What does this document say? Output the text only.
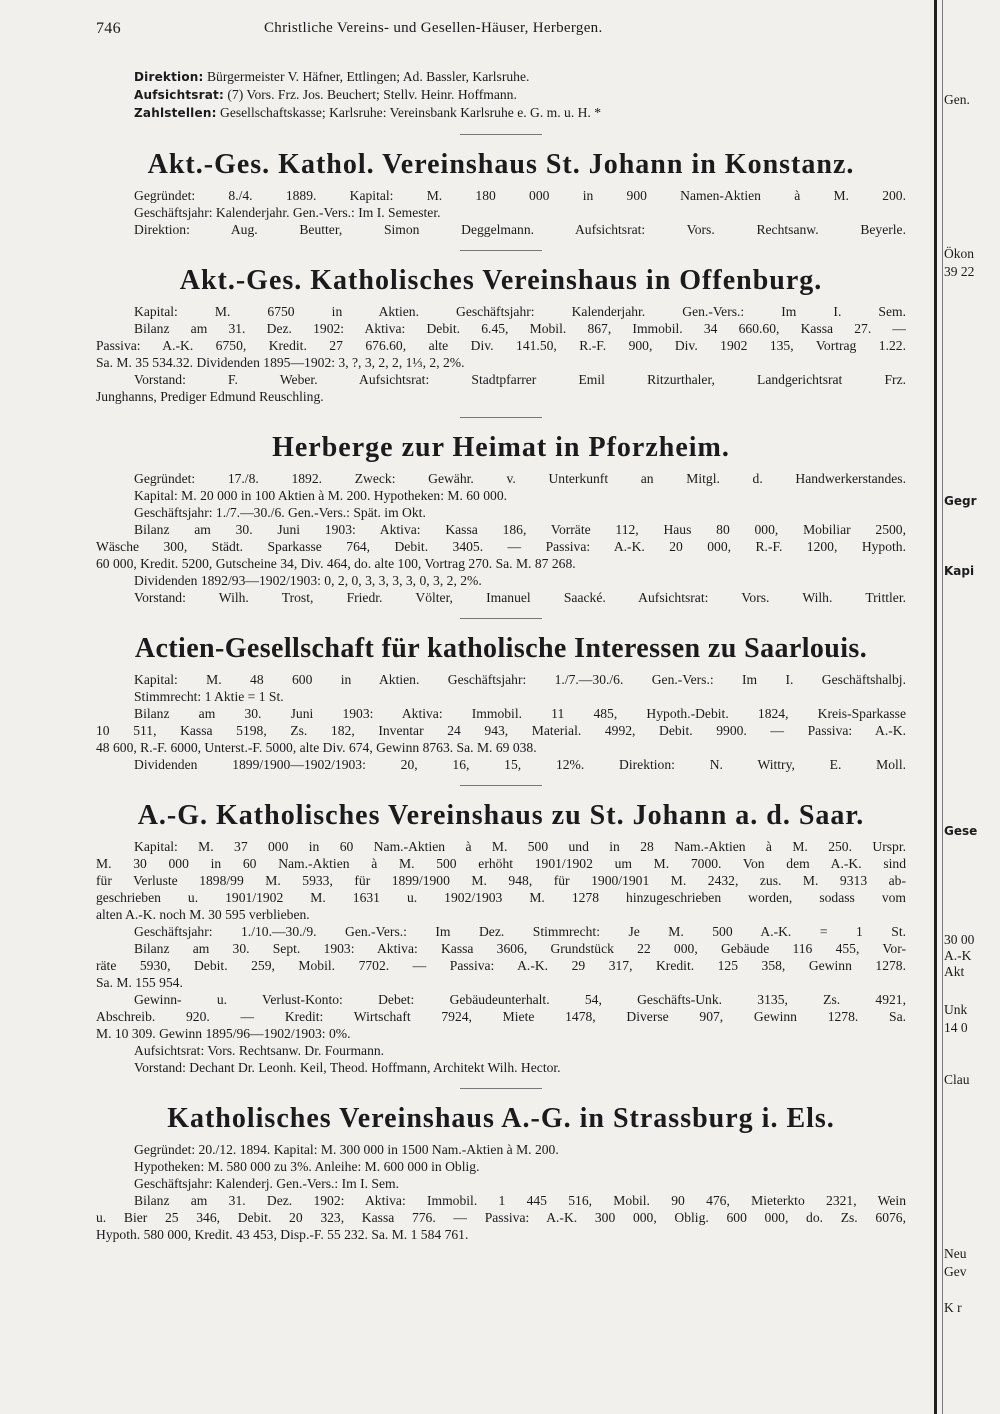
746	Christliche Vereins- und Gesellen-Häuser, Herbergen.
Direktion: Bürgermeister V. Häfner, Ettlingen; Ad. Bassler, Karlsruhe.
Aufsichtsrat: (7) Vors. Frz. Jos. Beuchert; Stellv. Heinr. Hoffmann.
Zahlstellen: Gesellschaftskasse; Karlsruhe: Vereinsbank Karlsruhe e. G. m. u. H. *
Akt.-Ges. Kathol. Vereinshaus St. Johann in Konstanz.
Gegründet: 8./4. 1889. Kapital: M. 180 000 in 900 Namen-Aktien à M. 200.
Geschäftsjahr: Kalenderjahr. Gen.-Vers.: Im I. Semester.
Direktion: Aug. Beutter, Simon Deggelmann. Aufsichtsrat: Vors. Rechtsanw. Beyerle.
Akt.-Ges. Katholisches Vereinshaus in Offenburg.
Kapital: M. 6750 in Aktien. Geschäftsjahr: Kalenderjahr. Gen.-Vers.: Im I. Sem.
Bilanz am 31. Dez. 1902: Aktiva: Debit. 6.45, Mobil. 867, Immobil. 34 660.60, Kassa 27. —
Passiva: A.-K. 6750, Kredit. 27 676.60, alte Div. 141.50, R.-F. 900, Div. 1902 135, Vortrag 1.22.
Sa. M. 35 534.32. Dividenden 1895—1902: 3, ?, 3, 2, 2, 1⅓, 2, 2%.
Vorstand: F. Weber. Aufsichtsrat: Stadtpfarrer Emil Ritzurthaler, Landgerichtsrat Frz.
Junghanns, Prediger Edmund Reuschling.
Herberge zur Heimat in Pforzheim.
Gegründet: 17./8. 1892. Zweck: Gewähr. v. Unterkunft an Mitgl. d. Handwerkerstandes.
Kapital: M. 20 000 in 100 Aktien à M. 200. Hypotheken: M. 60 000.
Geschäftsjahr: 1./7.—30./6. Gen.-Vers.: Spät. im Okt.
Bilanz am 30. Juni 1903: Aktiva: Kassa 186, Vorräte 112, Haus 80 000, Mobiliar 2500,
Wäsche 300, Städt. Sparkasse 764, Debit. 3405. — Passiva: A.-K. 20 000, R.-F. 1200, Hypoth.
60 000, Kredit. 5200, Gutscheine 34, Div. 464, do. alte 100, Vortrag 270. Sa. M. 87 268.
Dividenden 1892/93—1902/1903: 0, 2, 0, 3, 3, 3, 3, 0, 3, 2, 2%.
Vorstand: Wilh. Trost, Friedr. Völter, Imanuel Saacké. Aufsichtsrat: Vors. Wilh. Trittler.
Actien-Gesellschaft für katholische Interessen zu Saarlouis.
Kapital: M. 48 600 in Aktien. Geschäftsjahr: 1./7.—30./6. Gen.-Vers.: Im I. Geschäftshalbj.
Stimmrecht: 1 Aktie = 1 St.
Bilanz am 30. Juni 1903: Aktiva: Immobil. 11 485, Hypoth.-Debit. 1824, Kreis-Sparkasse
10 511, Kassa 5198, Zs. 182, Inventar 24 943, Material. 4992, Debit. 9900. — Passiva: A.-K.
48 600, R.-F. 6000, Unterst.-F. 5000, alte Div. 674, Gewinn 8763. Sa. M. 69 038.
Dividenden 1899/1900—1902/1903: 20, 16, 15, 12%. Direktion: N. Wittry, E. Moll.
A.-G. Katholisches Vereinshaus zu St. Johann a. d. Saar.
Kapital: M. 37 000 in 60 Nam.-Aktien à M. 500 und in 28 Nam.-Aktien à M. 250. Urspr.
M. 30 000 in 60 Nam.-Aktien à M. 500 erhöht 1901/1902 um M. 7000. Von dem A.-K. sind
für Verluste 1898/99 M. 5933, für 1899/1900 M. 948, für 1900/1901 M. 2432, zus. M. 9313 ab-
geschrieben u. 1901/1902 M. 1631 u. 1902/1903 M. 1278 hinzugeschrieben worden, sodass vom
alten A.-K. noch M. 30 595 verblieben.
Geschäftsjahr: 1./10.—30./9. Gen.-Vers.: Im Dez. Stimmrecht: Je M. 500 A.-K. = 1 St.
Bilanz am 30. Sept. 1903: Aktiva: Kassa 3606, Grundstück 22 000, Gebäude 116 455, Vor-
räte 5930, Debit. 259, Mobil. 7702. — Passiva: A.-K. 29 317, Kredit. 125 358, Gewinn 1278.
Sa. M. 155 954.
Gewinn- u. Verlust-Konto: Debet: Gebäudeunterhalt. 54, Geschäfts-Unk. 3135, Zs. 4921,
Abschreib. 920. — Kredit: Wirtschaft 7924, Miete 1478, Diverse 907, Gewinn 1278. Sa.
M. 10 309. Gewinn 1895/96—1902/1903: 0%.
Aufsichtsrat: Vors. Rechtsanw. Dr. Fourmann.
Vorstand: Dechant Dr. Leonh. Keil, Theod. Hoffmann, Architekt Wilh. Hector.
Katholisches Vereinshaus A.-G. in Strassburg i. Els.
Gegründet: 20./12. 1894. Kapital: M. 300 000 in 1500 Nam.-Aktien à M. 200.
Hypotheken: M. 580 000 zu 3%. Anleihe: M. 600 000 in Oblig.
Geschäftsjahr: Kalenderj. Gen.-Vers.: Im I. Sem.
Bilanz am 31. Dez. 1902: Aktiva: Immobil. 1 445 516, Mobil. 90 476, Mieterkto 2321, Wein
u. Bier 25 346, Debit. 20 323, Kassa 776. — Passiva: A.-K. 300 000, Oblig. 600 000, do. Zs. 6076,
Hypoth. 580 000, Kredit. 43 453, Disp.-F. 55 232. Sa. M. 1 584 761.
Gen.
Ökon
39 22
Gegr
Kapi
Gese
30 00
A.-K
Akt
Unk
14 0
Clau
Neu
Gev
K r
